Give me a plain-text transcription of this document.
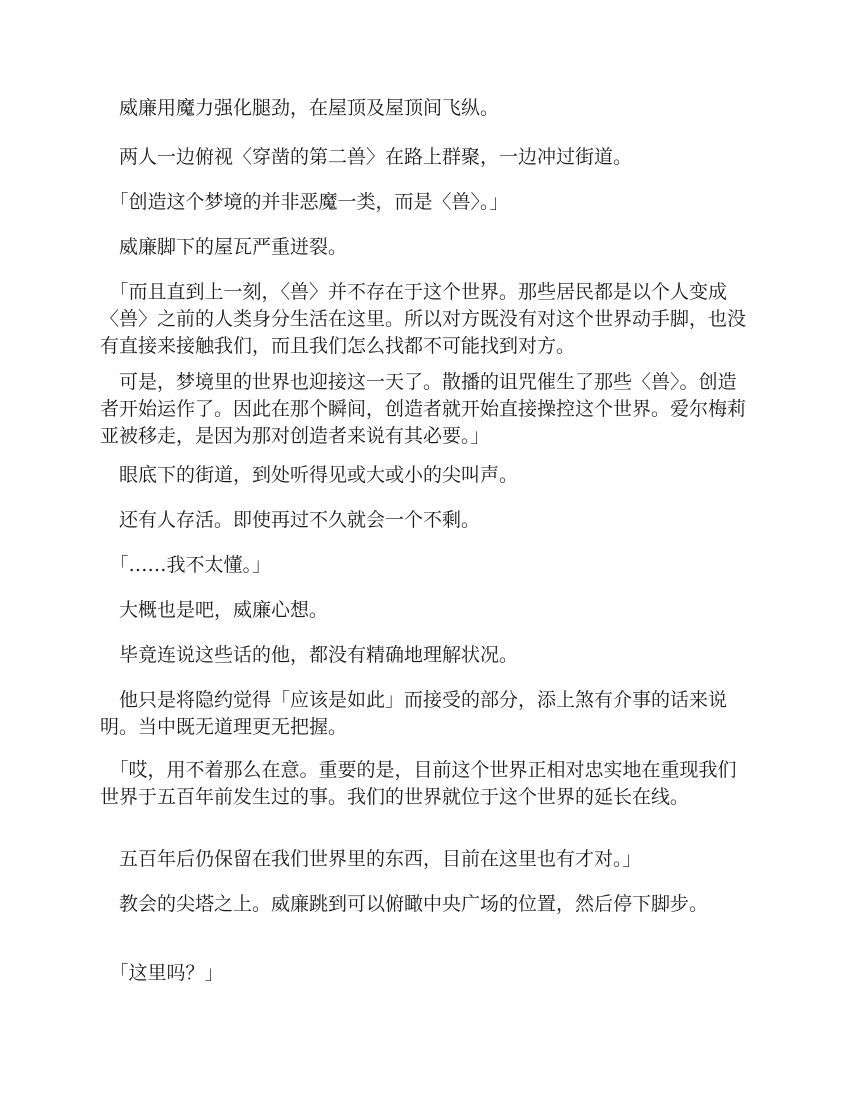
　威廉用魔力强化腿劲，在屋顶及屋顶间飞纵。

　两人一边俯视〈穿凿的第二兽〉在路上群聚，一边冲过街道。

　「创造这个梦境的并非恶魔一类，而是〈兽〉。」

　威廉脚下的屋瓦严重迸裂。

　「而且直到上一刻，〈兽〉并不存在于这个世界。那些居民都是以个人变成〈兽〉之前的人类身分生活在这里。所以对方既没有对这个世界动手脚，也没有直接来接触我们，而且我们怎么找都不可能找到对方。

　可是，梦境里的世界也迎接这一天了。散播的诅咒催生了那些〈兽〉。创造者开始运作了。因此在那个瞬间，创造者就开始直接操控这个世界。爱尔梅莉亚被移走，是因为那对创造者来说有其必要。」

　眼底下的街道，到处听得见或大或小的尖叫声。

　还有人存活。即使再过不久就会一个不剩。

　「……我不太懂。」

　大概也是吧，威廉心想。

　毕竟连说这些话的他，都没有精确地理解状况。

　他只是将隐约觉得「应该是如此」而接受的部分，添上煞有介事的话来说明。当中既无道理更无把握。

　「哎，用不着那么在意。重要的是，目前这个世界正相对忠实地在重现我们世界于五百年前发生过的事。我们的世界就位于这个世界的延长在线。

　五百年后仍保留在我们世界里的东西，目前在这里也有才对。」

　教会的尖塔之上。威廉跳到可以俯瞰中央广场的位置，然后停下脚步。

　「这里吗？」
